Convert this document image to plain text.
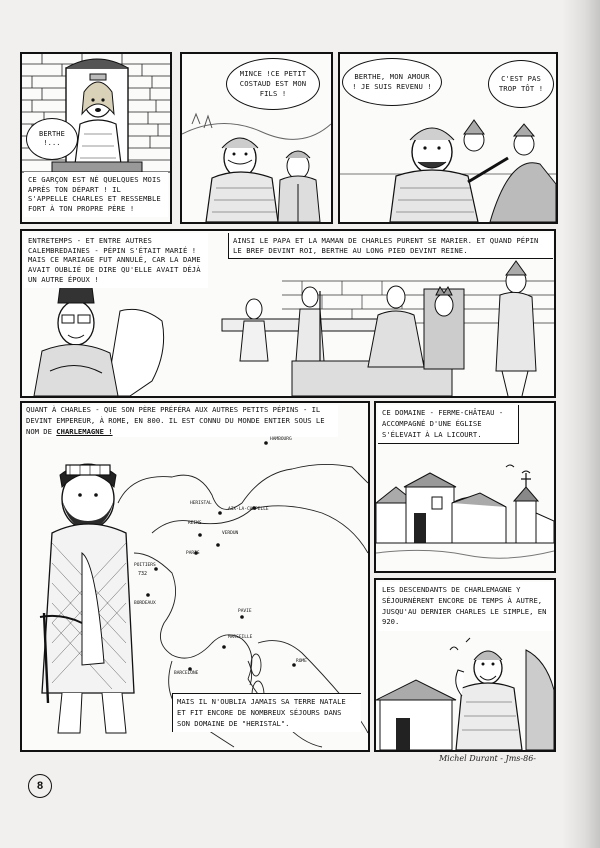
BERTHE !...
CE GARÇON EST NÉ QUELQUES MOIS APRÈS TON DÉPART ! IL S'APPELLE CHARLES ET RESSEMBLE FORT À TON PROPRE PÈRE !
MINCE !CE PETIT COSTAUD EST MON FILS !
BERTHE, MON AMOUR ! JE SUIS REVENU !
C'EST PAS TROP TÔT !
ENTRETEMPS - ET ENTRE AUTRES CALEMBREDAINES - PÉPIN S'ÉTAIT MARIÉ ! MAIS CE MARIAGE FUT ANNULÉ, CAR LA DAME AVAIT OUBLIÉ DE DIRE QU'ELLE AVAIT DÉJÀ UN AUTRE ÉPOUX !
AINSI LE PAPA ET LA MAMAN DE CHARLES PURENT SE MARIER. ET QUAND PÉPIN LE BREF DEVINT ROI, BERTHE AU LONG PIED DEVINT REINE.
QUANT À CHARLES - QUE SON PÈRE PRÉFÉRA AUX AUTRES PETITS PÉPINS - IL DEVINT EMPEREUR, À ROME, EN 800. IL EST CONNU DU MONDE ENTIER SOUS LE NOM DE CHARLEMAGNE !
HAMBOURG
HERISTAL
AIX-LA-CHAPELLE
REIMS
VERDUN
PARIS
POITIERS
732
BORDEAUX
MARSEILLE
BARCELONE
PAVIE
ROME
MAIS IL N'OUBLIA JAMAIS SA TERRE NATALE ET FIT ENCORE DE NOMBREUX SÉJOURS DANS SON DOMAINE DE "HERISTAL".
CE DOMAINE - FERME-CHÂTEAU - ACCOMPAGNÉ D'UNE ÉGLISE S'ÉLEVAIT À LA LICOURT.
LES DESCENDANTS DE CHARLEMAGNE Y SÉJOURNÈRENT ENCORE DE TEMPS À AUTRE, JUSQU'AU DERNIER CHARLES LE SIMPLE, EN 920.
Michel Durant - Jms-86-
8
